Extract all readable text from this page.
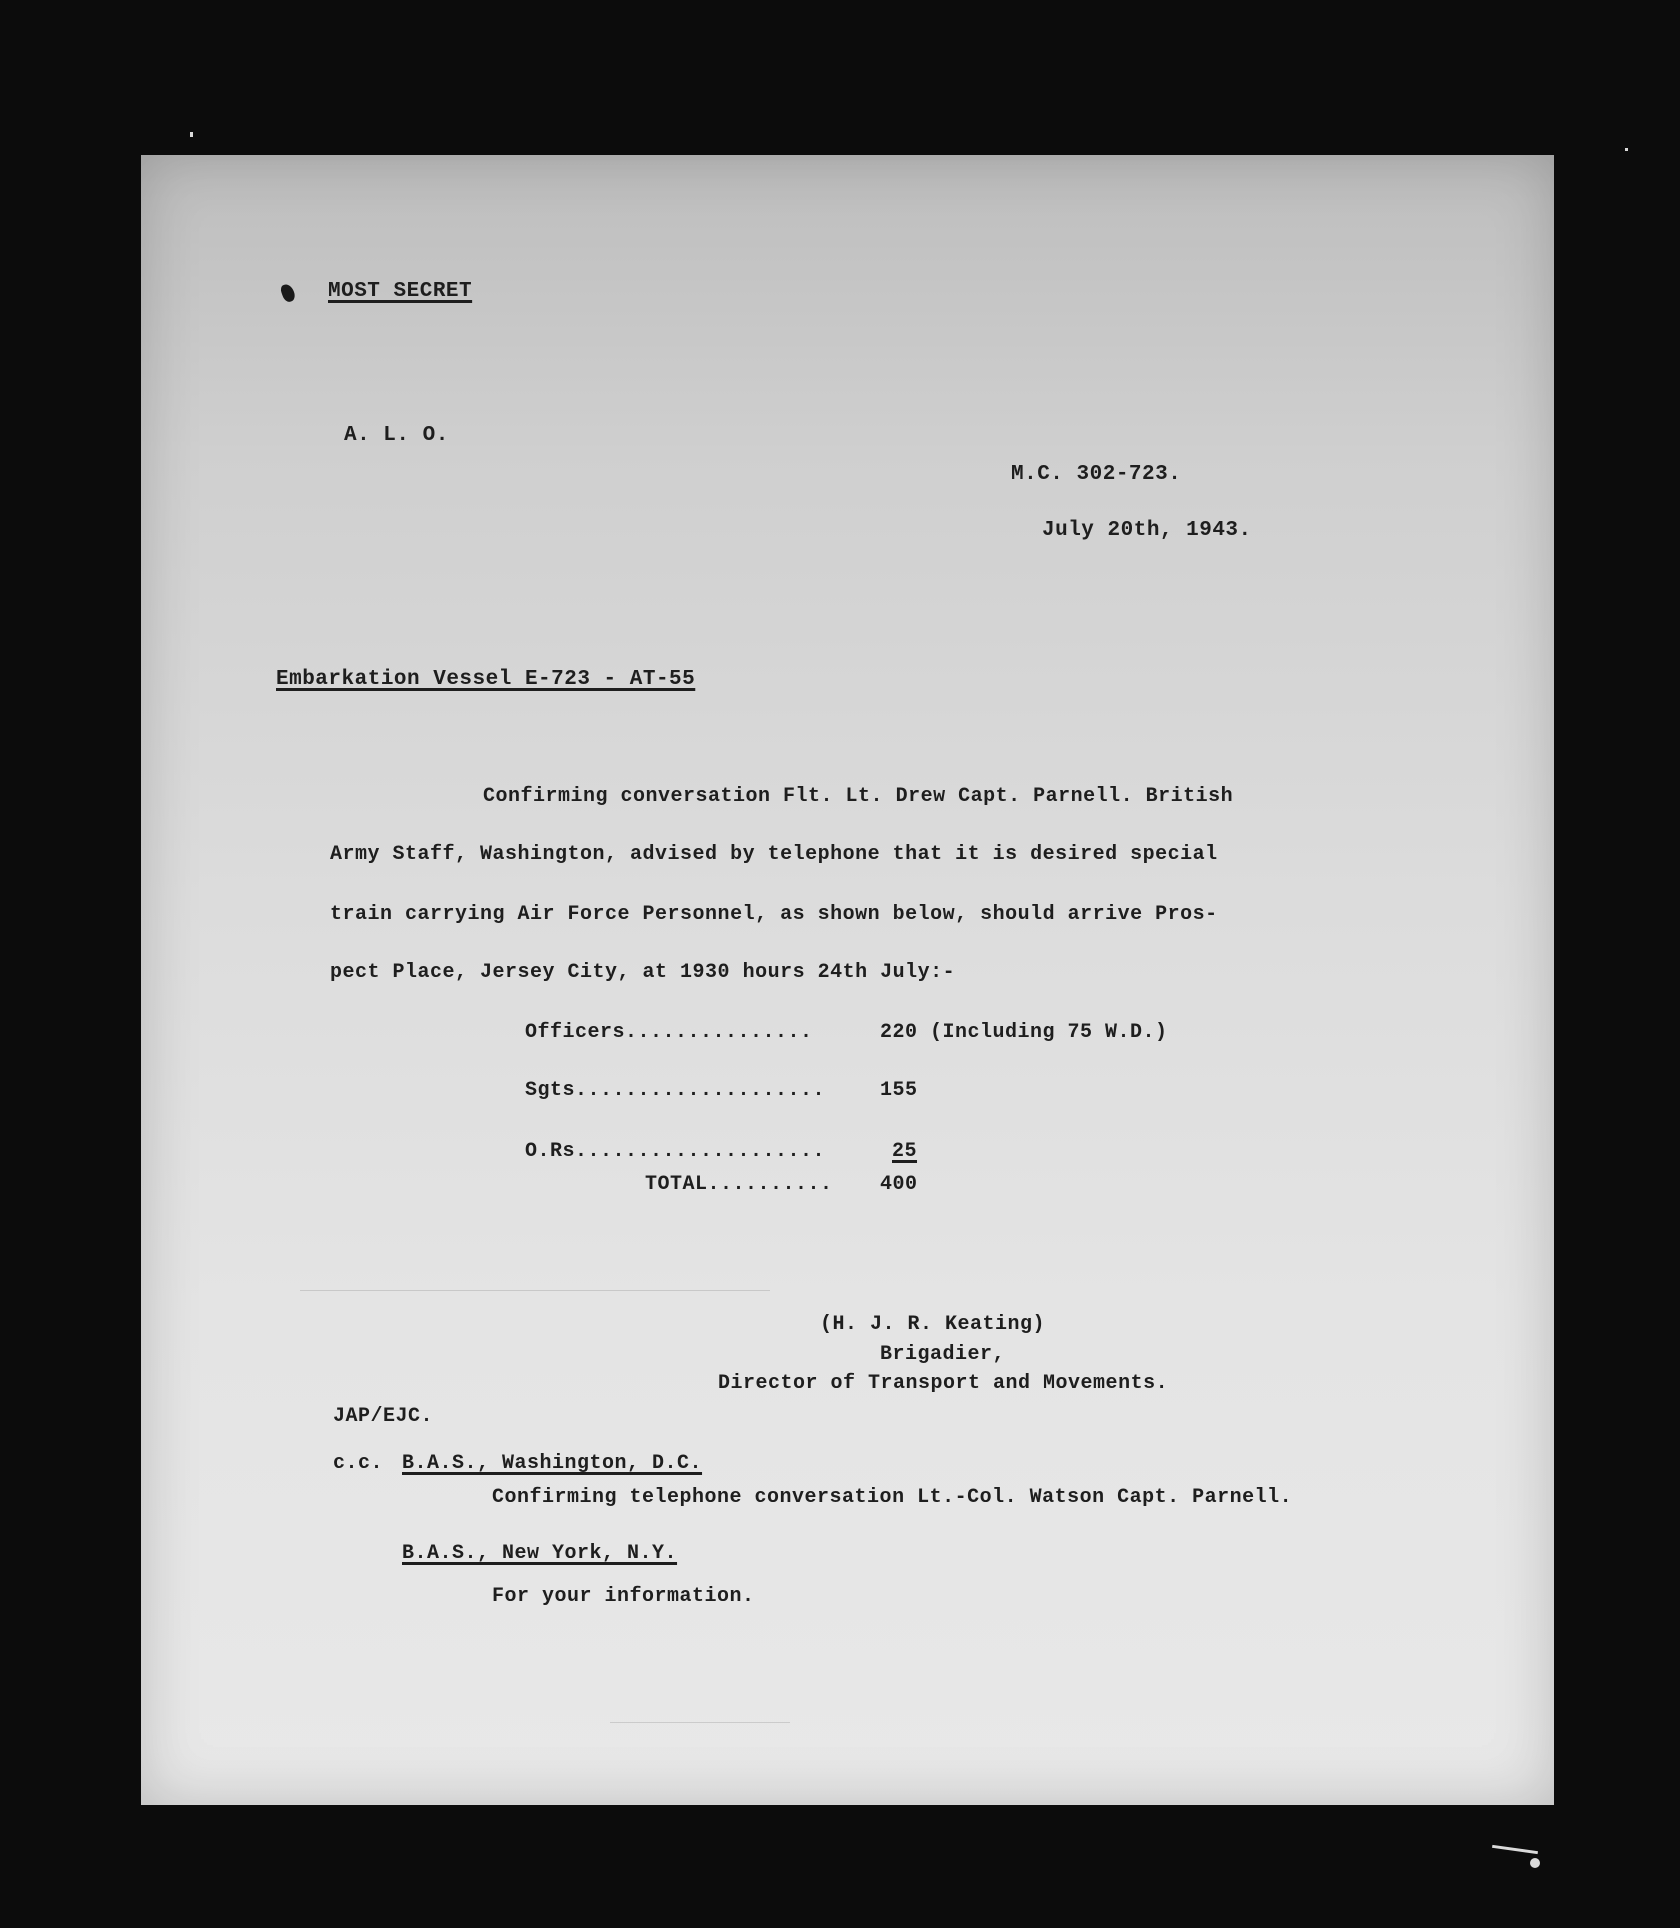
MOST SECRET
A. L. O.
M.C. 302-723.
July 20th, 1943.
Embarkation Vessel E-723 - AT-55
Confirming conversation Flt. Lt. Drew Capt. Parnell. British
Army Staff, Washington, advised by telephone that it is desired special
train carrying Air Force Personnel, as shown below, should arrive Pros-
pect Place, Jersey City, at 1930 hours 24th July:-
Officers...............	220 (Including 75 W.D.)
Sgts....................	155
O.Rs....................	25
TOTAL.......... 400
(H. J. R. Keating)
Brigadier,
Director of Transport and Movements.
JAP/EJC.
c.c. B.A.S., Washington, D.C.
Confirming telephone conversation Lt.-Col. Watson Capt. Parnell.
B.A.S., New York, N.Y.
For your information.
